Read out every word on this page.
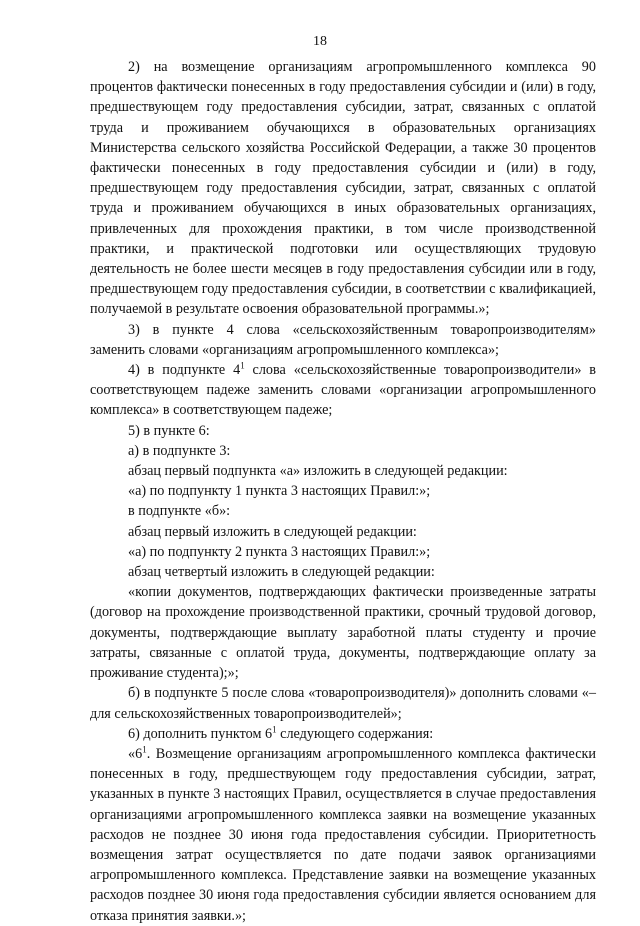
18

2) на возмещение организациям агропромышленного комплекса 90 процентов фактически понесенных в году предоставления субсидии и (или) в году, предшествующем году предоставления субсидии, затрат, связанных с оплатой труда и проживанием обучающихся в образовательных организациях Министерства сельского хозяйства Российской Федерации, а также 30 процентов фактически понесенных в году предоставления субсидии и (или) в году, предшествующем году предоставления субсидии, затрат, связанных с оплатой труда и проживанием обучающихся в иных образовательных организациях, привлеченных для прохождения практики, в том числе производственной практики, и практической подготовки или осуществляющих трудовую деятельность не более шести месяцев в году предоставления субсидии или в году, предшествующем году предоставления субсидии, в соответствии с квалификацией, получаемой в результате освоения образовательной программы.»;

3) в пункте 4 слова «сельскохозяйственным товаропроизводителям» заменить словами «организациям агропромышленного комплекса»;

4) в подпункте $4^1$ слова «сельскохозяйственные товаропроизводители» в соответствующем падеже заменить словами «организации агропромышленного комплекса» в соответствующем падеже;

5) в пункте 6:

а) в подпункте 3:

абзац первый подпункта «а» изложить в следующей редакции:

«а) по подпункту 1 пункта 3 настоящих Правил:»;

в подпункте «б»:

абзац первый изложить в следующей редакции:

«а) по подпункту 2 пункта 3 настоящих Правил:»;

абзац четвертый изложить в следующей редакции:

«копии документов, подтверждающих фактически произведенные затраты (договор на прохождение производственной практики, срочный трудовой договор, документы, подтверждающие выплату заработной платы студенту и прочие затраты, связанные с оплатой труда, документы, подтверждающие оплату за проживание студента);»;

б) в подпункте 5 после слова «товаропроизводителя)» дополнить словами «– для сельскохозяйственных товаропроизводителей»;

6) дополнить пунктом $6^1$ следующего содержания:

«$6^1$. Возмещение организациям агропромышленного комплекса фактически понесенных в году, предшествующем году предоставления субсидии, затрат, указанных в пункте 3 настоящих Правил, осуществляется в случае предоставления организациями агропромышленного комплекса заявки на возмещение указанных расходов не позднее 30 июня года предоставления субсидии. Приоритетность возмещения затрат осуществляется по дате подачи заявок организациями агропромышленного комплекса. Представление заявки на возмещение указанных расходов позднее 30 июня года предоставления субсидии является основанием для отказа принятия заявки.»;
